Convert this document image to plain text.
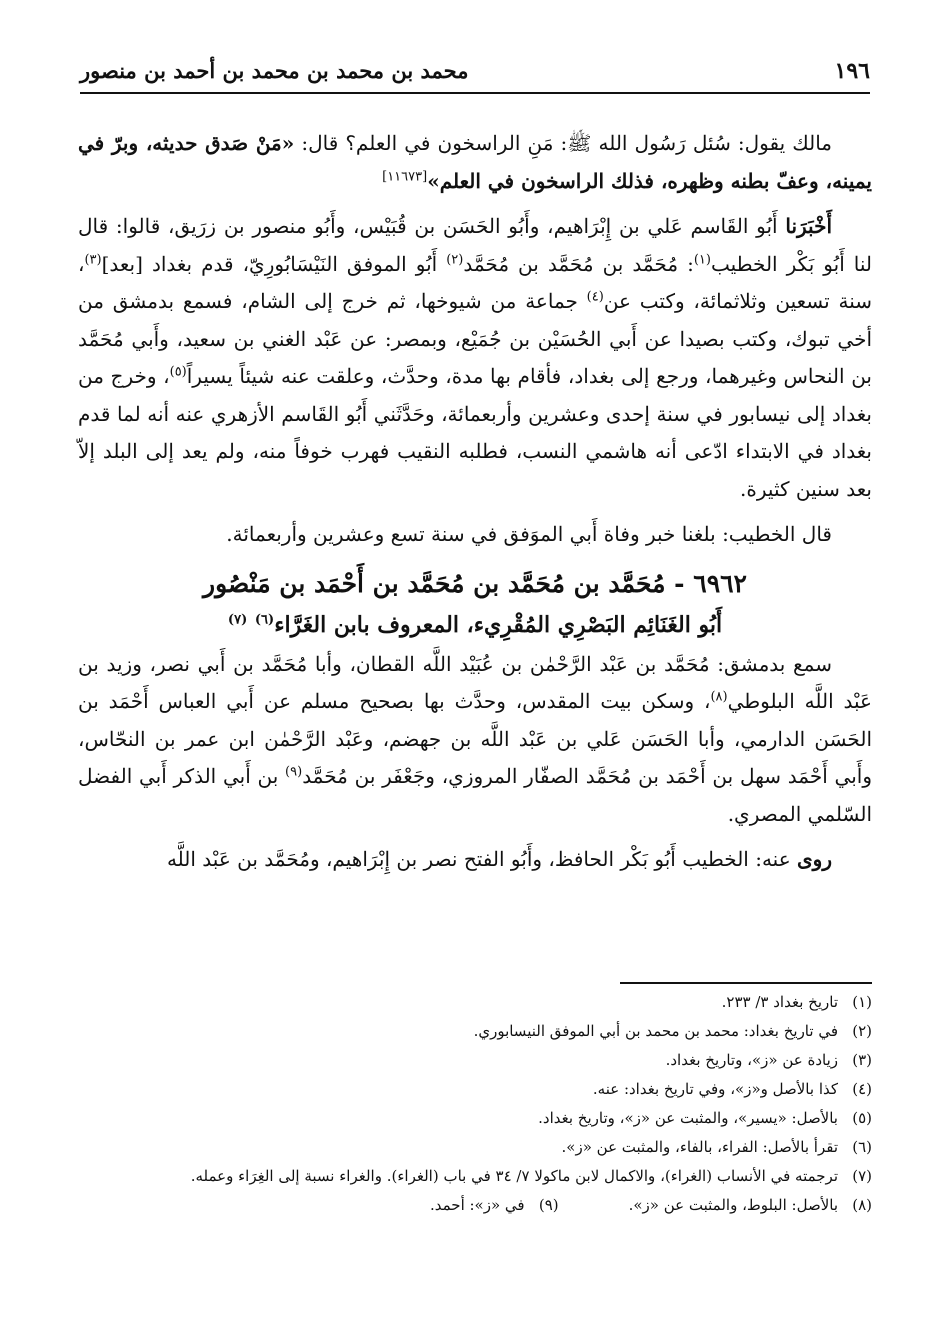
١٩٦
محمد بن محمد بن محمد بن أحمد بن منصور

مالك يقول: سُئل رَسُول الله ﷺ: مَنِ الراسخون في العلم؟ قال: «مَنْ صَدق حديثه، وبرّ في يمينه، وعفّ بطنه وظهره، فذلك الراسخون في العلم»[١١٦٧٣]

أَخْبَرَنا أَبُو القَاسم عَلي بن إِبْرَاهيم، وأَبُو الحَسَن بن قُبَيْس، وأَبُو منصور بن زرَيق، قالوا: قال لنا أَبُو بَكْر الخطيب$^{(١)}$: مُحَمَّد بن مُحَمَّد بن مُحَمَّد$^{(٢)}$ أَبُو الموفق النَيْسَابُورِيّ، قدم بغداد [بعد]$^{(٣)}$، سنة تسعين وثلاثمائة، وكتب عن$^{(٤)}$ جماعة من شيوخها، ثم خرج إلى الشام، فسمع بدمشق من أخي تبوك، وكتب بصيدا عن أَبي الحُسَيْن بن جُمَيْع، وبمصر: عن عَبْد الغني بن سعيد، وأَبي مُحَمَّد بن النحاس وغيرهما، ورجع إلى بغداد، فأقام بها مدة، وحدَّث، وعلقت عنه شيئاً يسيراً$^{(٥)}$، وخرج من بغداد إلى نيسابور في سنة إحدى وعشرين وأربعمائة، وحَدَّثَني أَبُو القَاسم الأزهري عنه أنه لما قدم بغداد في الابتداء ادّعى أنه هاشمي النسب، فطلبه النقيب فهرب خوفاً منه، ولم يعد إلى البلد إلاّ بعد سنين كثيرة.

قال الخطيب: بلغنا خبر وفاة أَبي الموَفق في سنة تسع وعشرين وأربعمائة.

٦٩٦٢ - مُحَمَّد بن مُحَمَّد بن مُحَمَّد بن أَحْمَد بن مَنْصُور
أَبُو الغَنَائِم البَصْرِي المُقْرِيء، المعروف بابن الغَرَّاء$^{(٦)}$ $^{(٧)}$

سمع بدمشق: مُحَمَّد بن عَبْد الرَّحْمٰن بن عُبَيْد اللَّه القطان، وأبا مُحَمَّد بن أَبي نصر، وزيد بن عَبْد اللَّه البلوطي$^{(٨)}$، وسكن بيت المقدس، وحدَّث بها بصحيح مسلم عن أَبي العباس أَحْمَد بن الحَسَن الدارمي، وأبا الحَسَن عَلي بن عَبْد اللَّه بن جهضم، وعَبْد الرَّحْمٰن ابن عمر بن النحّاس، وأَبي أَحْمَد سهل بن أَحْمَد بن مُحَمَّد الصفّار المروزي، وجَعْفَر بن مُحَمَّد$^{(٩)}$ بن أَبي الذكر أَبي الفضل السّلمي المصري.

روى عنه: الخطيب أَبُو بَكْر الحافظ، وأَبُو الفتح نصر بن إِبْرَاهيم، ومُحَمَّد بن عَبْد اللَّه

(١)تاريخ بغداد ٣/ ٢٣٣.
(٢)في تاريخ بغداد: محمد بن محمد بن أبي الموفق النيسابوري.
(٣)زيادة عن «ز»، وتاريخ بغداد.
(٤)كذا بالأصل و«ز»، وفي تاريخ بغداد: عنه.
(٥)بالأصل: «يسير»، والمثبت عن «ز»، وتاريخ بغداد.
(٦)تقرأ بالأصل: الفراء، بالفاء، والمثبت عن «ز».
(٧)ترجمته في الأنساب (الغراء)، والاكمال لابن ماكولا ٧/ ٣٤ في باب (الغراء). والغراء نسبة إلى الغِرَاء وعمله.
(٨)بالأصل: البلوط، والمثبت عن «ز».
(٩)في «ز»: أحمد.
